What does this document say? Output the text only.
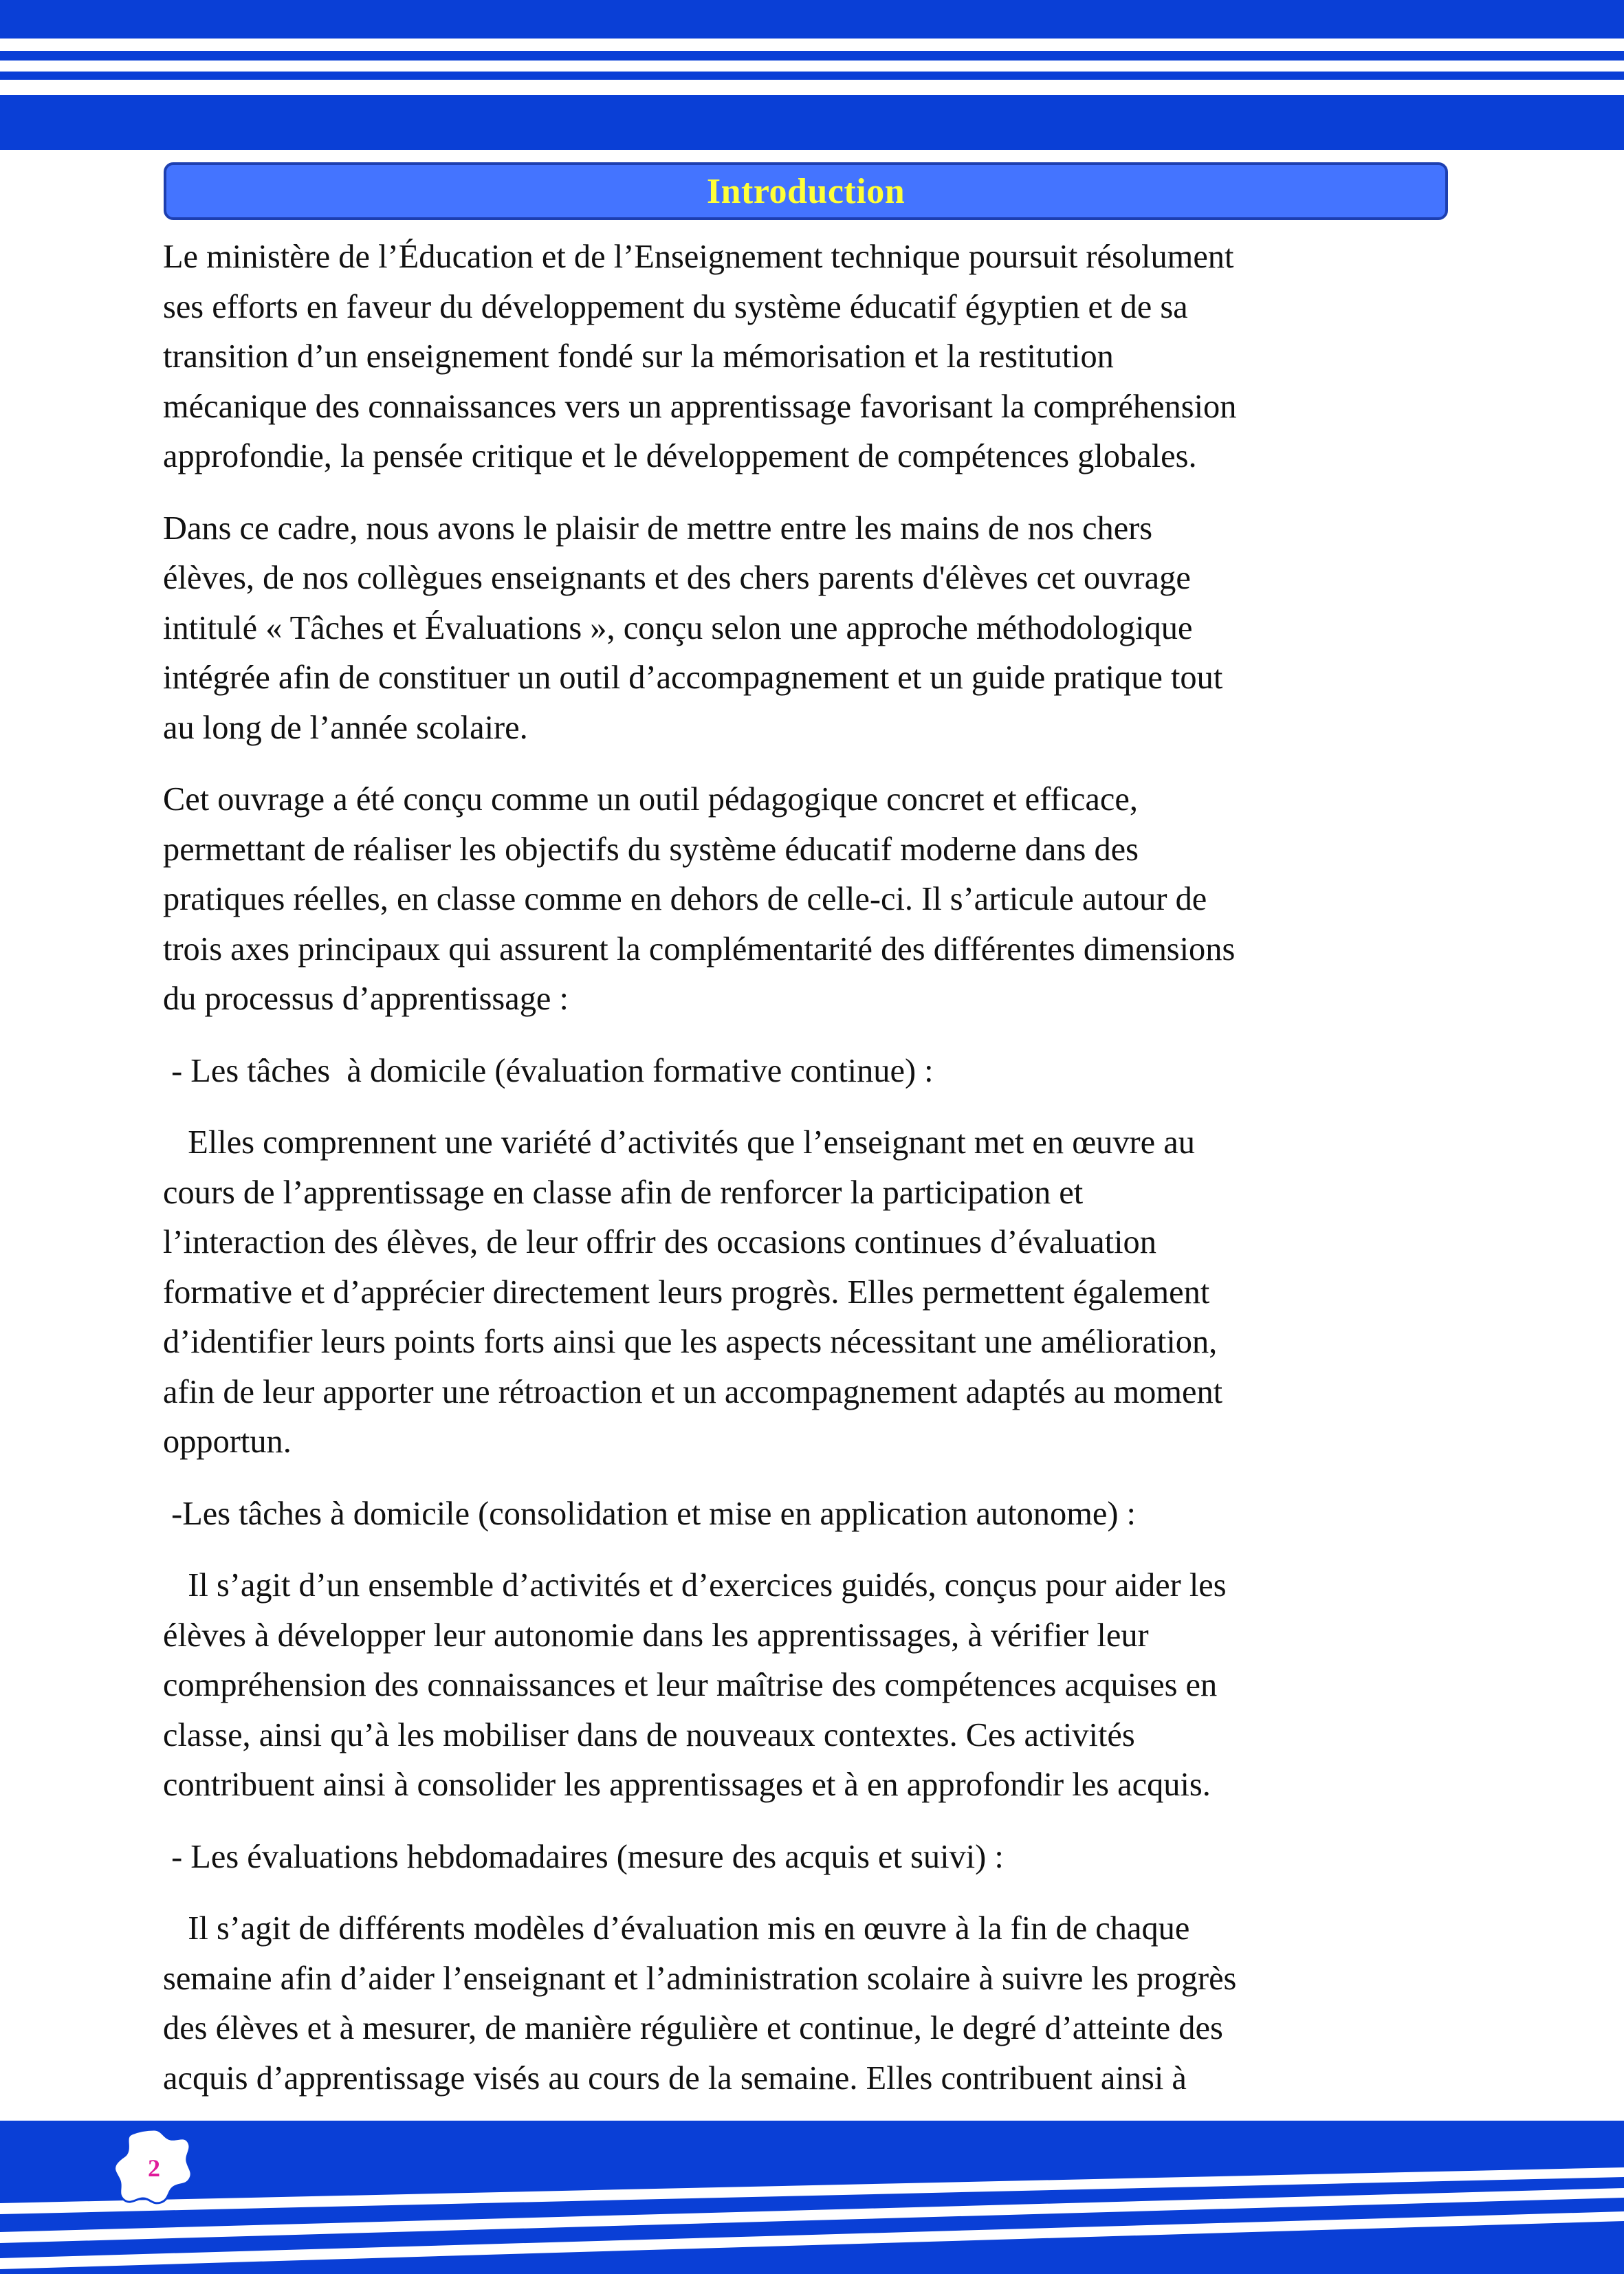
Introduction
Le ministère de l’Éducation et de l’Enseignement technique poursuit résolument
ses efforts en faveur du développement du système éducatif égyptien et de sa
transition d’un enseignement fondé sur la mémorisation et la restitution
mécanique des connaissances vers un apprentissage favorisant la compréhension
approfondie, la pensée critique et le développement de compétences globales.
Dans ce cadre, nous avons le plaisir de mettre entre les mains de nos chers
élèves, de nos collègues enseignants et des chers parents d'élèves cet ouvrage
intitulé « Tâches et Évaluations », conçu selon une approche méthodologique
intégrée afin de constituer un outil d’accompagnement et un guide pratique tout
au long de l’année scolaire.
Cet ouvrage a été conçu comme un outil pédagogique concret et efficace,
permettant de réaliser les objectifs du système éducatif moderne dans des
pratiques réelles, en classe comme en dehors de celle-ci. Il s’articule autour de
trois axes principaux qui assurent la complémentarité des différentes dimensions
du processus d’apprentissage :
- Les tâches  à domicile (évaluation formative continue) :
Elles comprennent une variété d’activités que l’enseignant met en œuvre au
cours de l’apprentissage en classe afin de renforcer la participation et
l’interaction des élèves, de leur offrir des occasions continues d’évaluation
formative et d’apprécier directement leurs progrès. Elles permettent également
d’identifier leurs points forts ainsi que les aspects nécessitant une amélioration,
afin de leur apporter une rétroaction et un accompagnement adaptés au moment
opportun.
-Les tâches à domicile (consolidation et mise en application autonome) :
Il s’agit d’un ensemble d’activités et d’exercices guidés, conçus pour aider les
élèves à développer leur autonomie dans les apprentissages, à vérifier leur
compréhension des connaissances et leur maîtrise des compétences acquises en
classe, ainsi qu’à les mobiliser dans de nouveaux contextes. Ces activités
contribuent ainsi à consolider les apprentissages et à en approfondir les acquis.
- Les évaluations hebdomadaires (mesure des acquis et suivi) :
Il s’agit de différents modèles d’évaluation mis en œuvre à la fin de chaque
semaine afin d’aider l’enseignant et l’administration scolaire à suivre les progrès
des élèves et à mesurer, de manière régulière et continue, le degré d’atteinte des
acquis d’apprentissage visés au cours de la semaine. Elles contribuent ainsi à
2
